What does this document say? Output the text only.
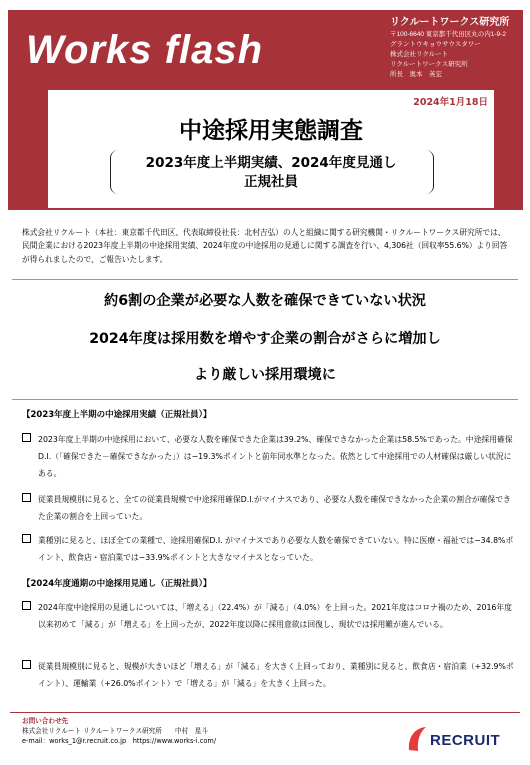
Works flash
リクルートワークス研究所
〒100-6640 東京都千代田区丸の内1-9-2
グラントウキョウサウスタワー
株式会社リクルート
リクルートワークス研究所
所長　奥本　英宏
2024年1月18日
中途採用実態調査
2023年度上半期実績、2024年度見通し
正規社員
株式会社リクルート（本社：東京都千代田区、代表取締役社長：北村吉弘）の人と組織に関する研究機関・リクルートワークス研究所では、民間企業における2023年度上半期の中途採用実績、2024年度の中途採用の見通しに関する調査を行い、4,306社（回収率55.6%）より回答が得られましたので、ご報告いたします。
約6割の企業が必要な人数を確保できていない状況
2024年度は採用数を増やす企業の割合がさらに増加し
より厳しい採用環境に
【2023年度上半期の中途採用実績（正規社員）】
2023年度上半期の中途採用において、必要な人数を確保できた企業は39.2%、確保できなかった企業は58.5%であった。中途採用確保D.I.（「確保できた－確保できなかった」）は−19.3%ポイントと前年同水準となった。依然として中途採用での人材確保は厳しい状況にある。
従業員規模別に見ると、全ての従業員規模で中途採用確保D.I.がマイナスであり、必要な人数を確保できなかった企業の割合が確保できた企業の割合を上回っていた。
業種別に見ると、ほぼ全ての業種で、途採用確保D.I. がマイナスであり必要な人数を確保できていない。特に医療・福祉では−34.8%ポイント、飲食店・宿泊業では−33.9%ポイントと大きなマイナスとなっていた。
【2024年度通期の中途採用見通し（正規社員）】
2024年度中途採用の見通しについては、「増える」（22.4%）が「減る」（4.0%）を上回った。2021年度はコロナ禍のため、2016年度以来初めて「減る」が「増える」を上回ったが、2022年度以降に採用意欲は回復し、現状では採用難が進んでいる。
従業員規模別に見ると、規模が大きいほど「増える」が「減る」を大きく上回っており、業種別に見ると、飲食店・宿泊業（+32.9%ポイント）、運輸業（+26.0%ポイント）で「増える」が「減る」を大きく上回った。
お問い合わせ先
株式会社リクルート リクルートワークス研究所　　中村　星斗
e-mail：works_1@r.recruit.co.jp　https://www.works-i.com/	RECRUIT
